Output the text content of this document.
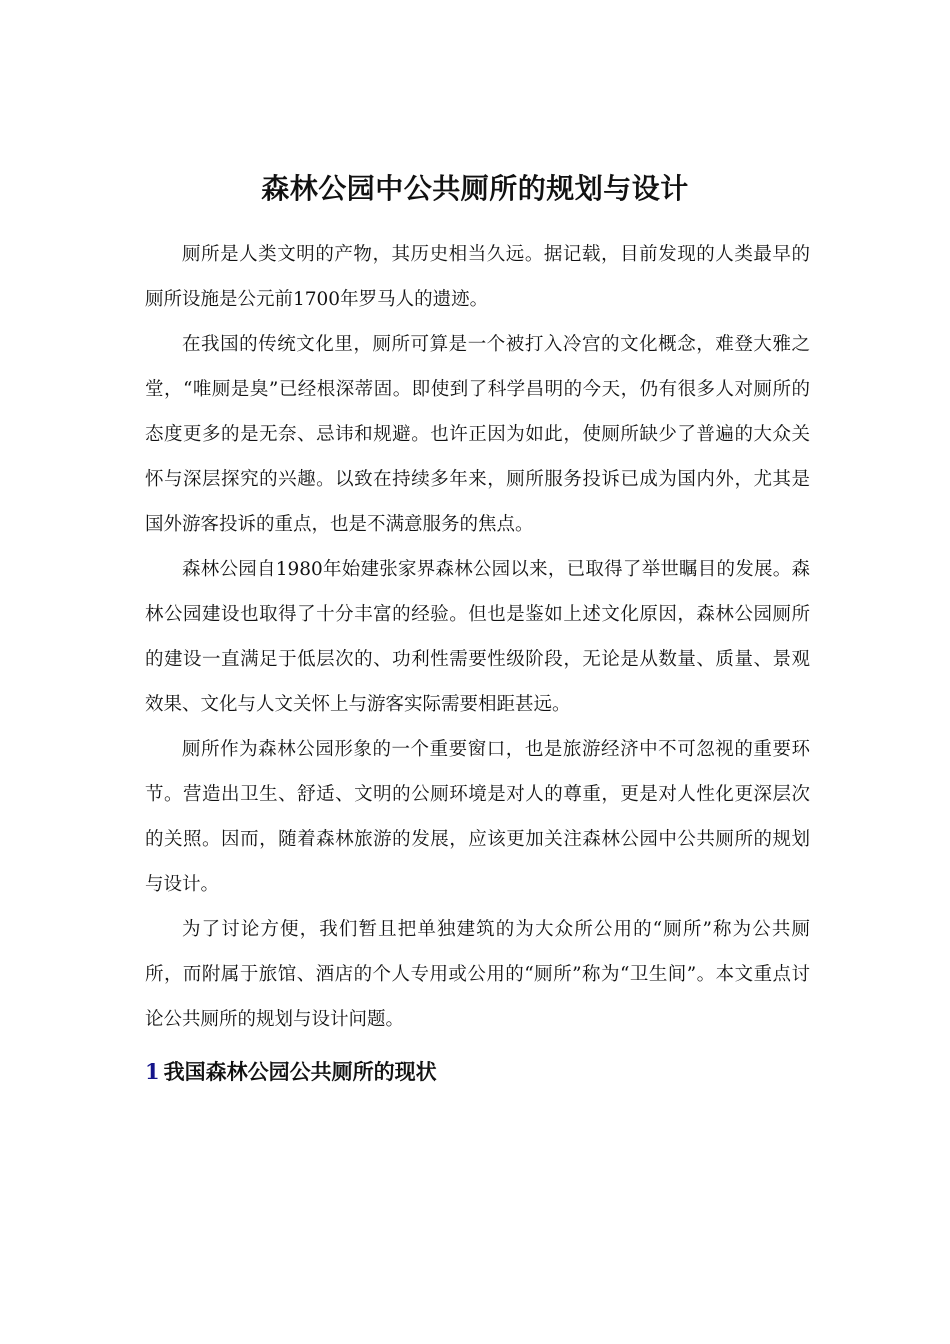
森林公园中公共厕所的规划与设计

厕所是人类文明的产物，其历史相当久远。据记载，目前发现的人类最早的厕所设施是公元前1700年罗马人的遗迹。

在我国的传统文化里，厕所可算是一个被打入冷宫的文化概念，难登大雅之堂，“唯厕是臭”已经根深蒂固。即使到了科学昌明的今天，仍有很多人对厕所的态度更多的是无奈、忌讳和规避。也许正因为如此，使厕所缺少了普遍的大众关怀与深层探究的兴趣。以致在持续多年来，厕所服务投诉已成为国内外，尤其是国外游客投诉的重点，也是不满意服务的焦点。

森林公园自1980年始建张家界森林公园以来，已取得了举世瞩目的发展。森林公园建设也取得了十分丰富的经验。但也是鉴如上述文化原因，森林公园厕所的建设一直满足于低层次的、功利性需要性级阶段，无论是从数量、质量、景观效果、文化与人文关怀上与游客实际需要相距甚远。

厕所作为森林公园形象的一个重要窗口，也是旅游经济中不可忽视的重要环节。营造出卫生、舒适、文明的公厕环境是对人的尊重，更是对人性化更深层次的关照。因而，随着森林旅游的发展，应该更加关注森林公园中公共厕所的规划与设计。

为了讨论方便，我们暂且把单独建筑的为大众所公用的“厕所”称为公共厕所，而附属于旅馆、酒店的个人专用或公用的“厕所”称为“卫生间”。本文重点讨论公共厕所的规划与设计问题。

1 我国森林公园公共厕所的现状
